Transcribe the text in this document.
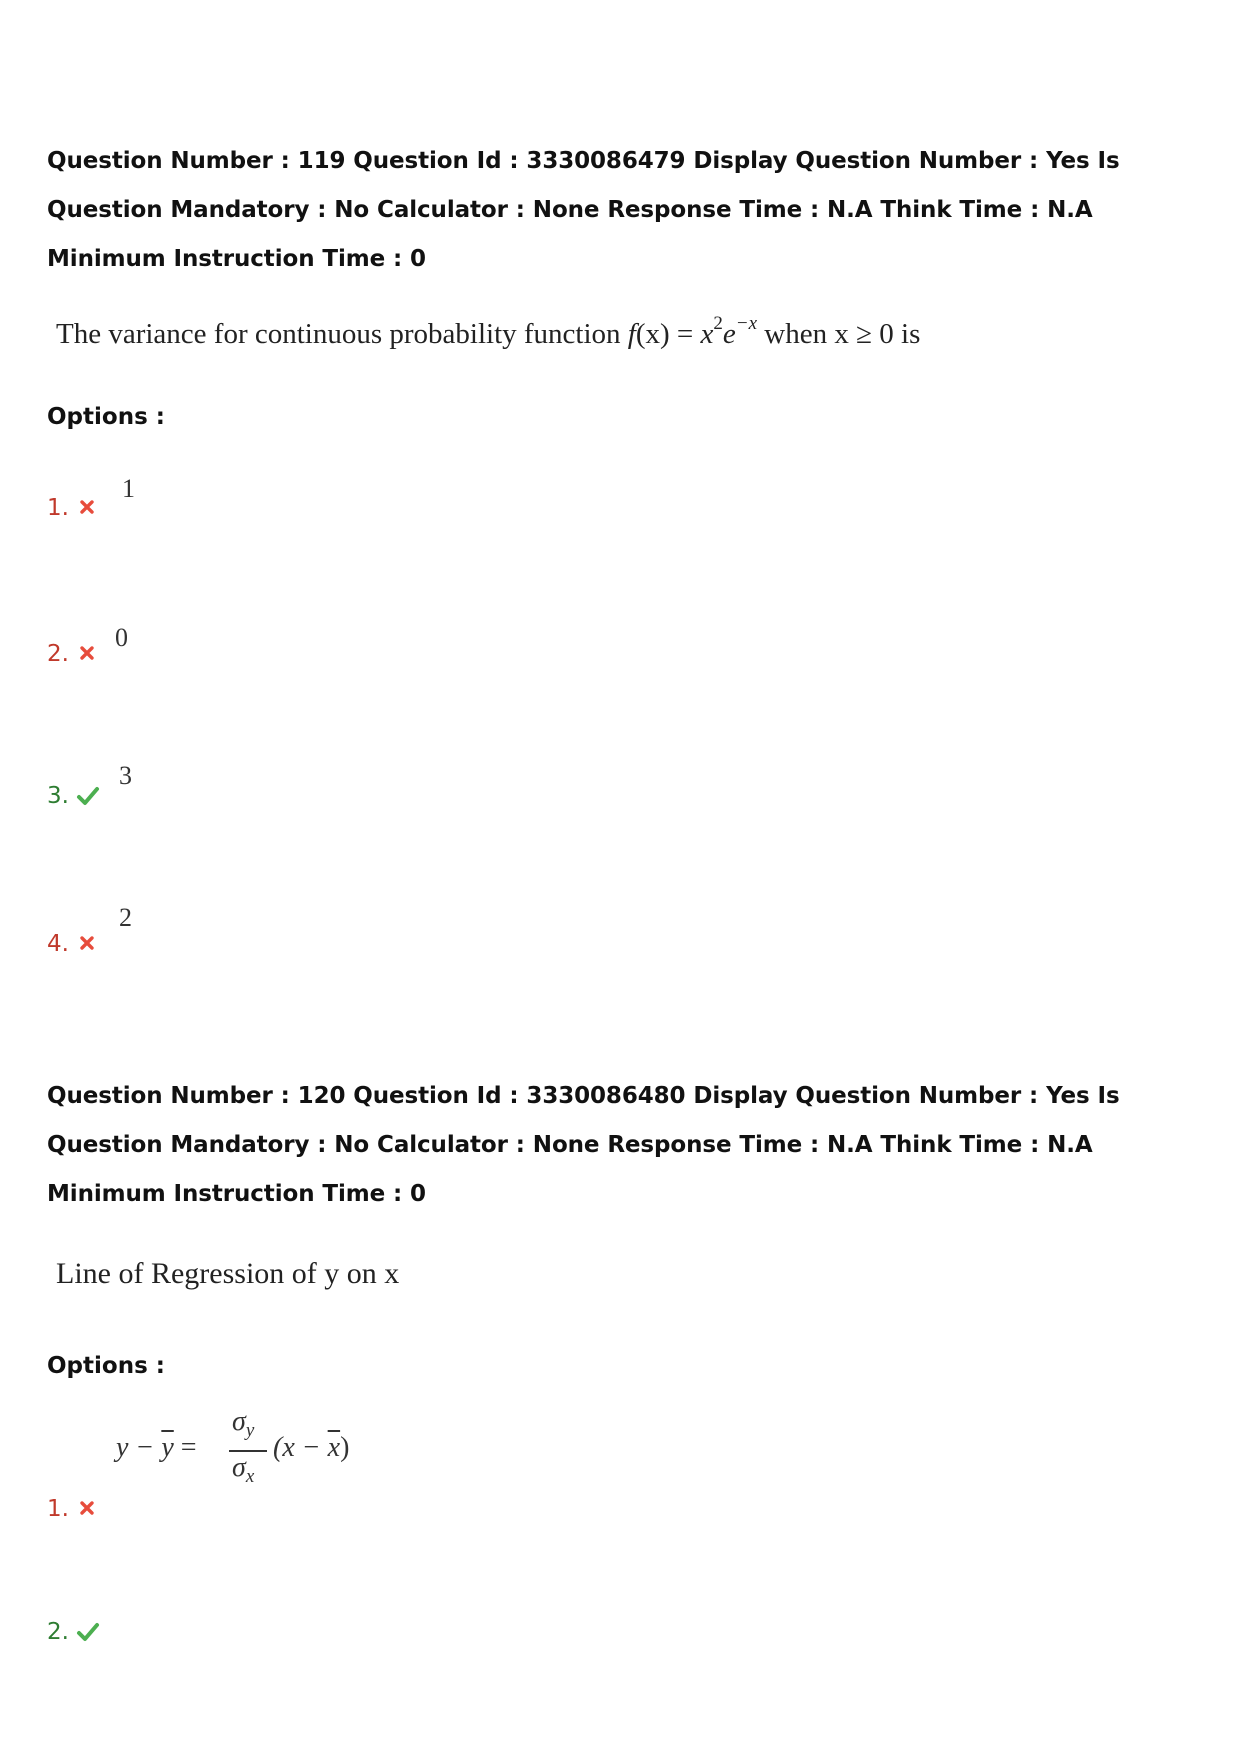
Question Number : 119 Question Id : 3330086479 Display Question Number : Yes Is Question Mandatory : No Calculator : None Response Time : N.A Think Time : N.A Minimum Instruction Time : 0
The variance for continuous probability function $f(x) = x^2e^{-x}$ when x ≥ 0 is
Options :
1.
1
2.
0
3.
3
4.
2
Question Number : 120 Question Id : 3330086480 Display Question Number : Yes Is Question Mandatory : No Calculator : None Response Time : N.A Think Time : N.A Minimum Instruction Time : 0
Line of Regression of y on x
Options :
$y - \overline{y}$ =
$\sigma_y$
$\sigma_x$
$(x - \overline{x})$
1.
2.
